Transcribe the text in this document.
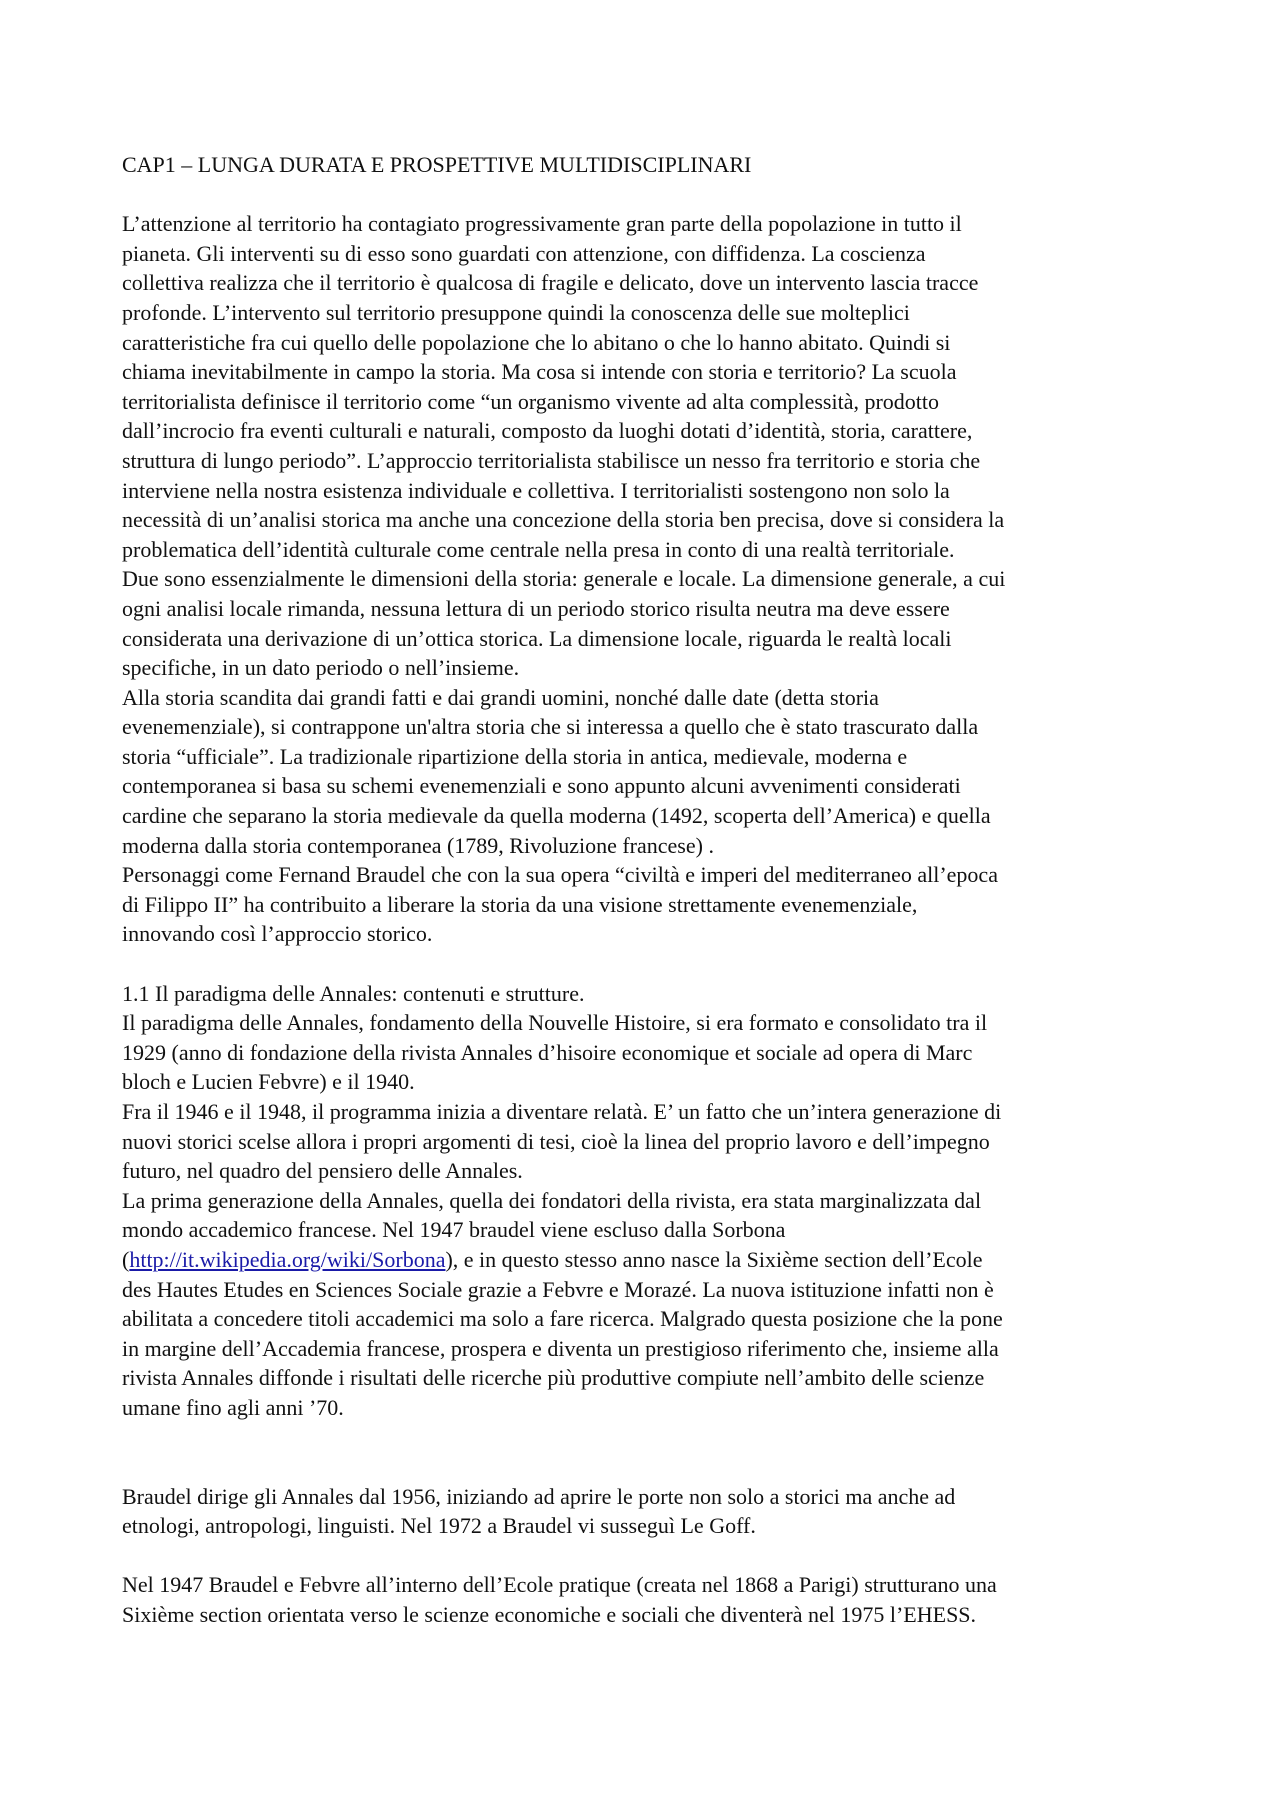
CAP1 – LUNGA DURATA E PROSPETTIVE MULTIDISCIPLINARI
L’attenzione al territorio ha contagiato progressivamente gran parte della popolazione in tutto il
pianeta. Gli interventi su di esso sono guardati con attenzione, con diffidenza. La coscienza
collettiva realizza che il territorio è qualcosa di fragile e delicato, dove un intervento lascia tracce
profonde. L’intervento sul territorio presuppone quindi la conoscenza delle sue molteplici
caratteristiche fra cui quello delle popolazione che lo abitano o che lo hanno abitato. Quindi si
chiama inevitabilmente in campo la storia. Ma cosa si intende con storia e territorio? La scuola
territorialista definisce il territorio come “un organismo vivente ad alta complessità, prodotto
dall’incrocio fra eventi culturali e naturali, composto da luoghi dotati d’identità, storia, carattere,
struttura di lungo periodo”. L’approccio territorialista stabilisce un nesso fra territorio e storia che
interviene nella nostra esistenza individuale e collettiva. I territorialisti sostengono non solo la
necessità di un’analisi storica ma anche una concezione della storia ben precisa, dove si considera la
problematica dell’identità culturale come centrale nella presa in conto di una realtà territoriale.
Due sono essenzialmente le dimensioni della storia: generale e locale. La dimensione generale, a cui
ogni analisi locale rimanda, nessuna lettura di un periodo storico risulta neutra ma deve essere
considerata una derivazione di un’ottica storica. La dimensione locale, riguarda le realtà locali
specifiche, in un dato periodo o nell’insieme.
Alla storia scandita dai grandi fatti e dai grandi uomini, nonché dalle date (detta storia
evenemenziale), si contrappone un'altra storia che si interessa a quello che è stato trascurato dalla
storia “ufficiale”. La tradizionale ripartizione della storia in antica, medievale, moderna e
contemporanea si basa su schemi evenemenziali e sono appunto alcuni avvenimenti considerati
cardine che separano la storia medievale da quella moderna (1492, scoperta dell’America) e quella
moderna dalla storia contemporanea (1789, Rivoluzione francese) .
Personaggi come Fernand Braudel che con la sua opera “civiltà e imperi del mediterraneo all’epoca
di Filippo II” ha contribuito a liberare la storia da una visione strettamente evenemenziale,
innovando così l’approccio storico.
1.1 Il paradigma delle Annales: contenuti e strutture.
Il paradigma delle Annales, fondamento della Nouvelle Histoire, si era formato e consolidato tra il
1929 (anno di fondazione della rivista Annales d’hisoire economique et sociale ad opera di Marc
bloch e Lucien Febvre) e il 1940.
Fra il 1946 e il 1948, il programma inizia a diventare relatà. E’ un fatto che un’intera generazione di
nuovi storici scelse allora i propri argomenti di tesi, cioè la linea del proprio lavoro e dell’impegno
futuro, nel quadro del pensiero delle Annales.
La prima generazione della Annales, quella dei fondatori della rivista, era stata marginalizzata dal
mondo accademico francese. Nel 1947 braudel viene escluso dalla Sorbona
(http://it.wikipedia.org/wiki/Sorbona), e in questo stesso anno nasce la Sixième section dell’Ecole
des Hautes Etudes en Sciences Sociale grazie a Febvre e Morazé. La nuova istituzione infatti non è
abilitata a concedere titoli accademici ma solo a fare ricerca. Malgrado questa posizione che la pone
in margine dell’Accademia francese, prospera e diventa un prestigioso riferimento che, insieme alla
rivista Annales diffonde i risultati delle ricerche più produttive compiute nell’ambito delle scienze
umane fino agli anni ’70.
Braudel dirige gli Annales dal 1956, iniziando ad aprire le porte non solo a storici ma anche ad
etnologi, antropologi, linguisti. Nel 1972 a Braudel vi susseguì Le Goff.
Nel 1947 Braudel e Febvre all’interno dell’Ecole pratique (creata nel 1868 a Parigi) strutturano una
Sixième section orientata verso le scienze economiche e sociali che diventerà nel 1975 l’EHESS.
